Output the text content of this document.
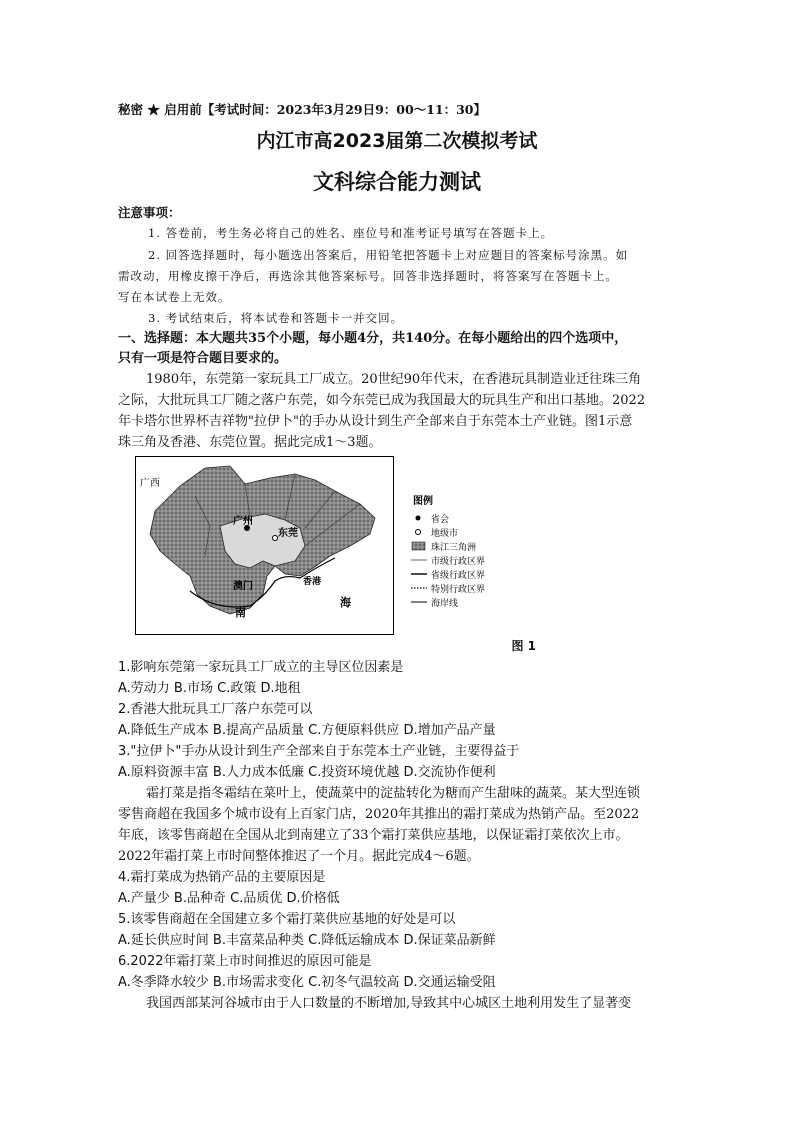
秘密 ★ 启用前【考试时间：2023年3月29日9：00～11：30】
内江市高2023届第二次模拟考试
文科综合能力测试
注意事项：
1. 答卷前，考生务必将自己的姓名、座位号和准考证号填写在答题卡上。
2. 回答选择题时，每小题选出答案后，用铅笔把答题卡上对应题目的答案标号涂黑。如
需改动，用橡皮擦干净后，再选涂其他答案标号。回答非选择题时，将答案写在答题卡上。
写在本试卷上无效。
3. 考试结束后，将本试卷和答题卡一并交回。
一、选择题：本大题共35个小题，每小题4分，共140分。在每小题给出的四个选项中，
只有一项是符合题目要求的。
1980年，东莞第一家玩具工厂成立。20世纪90年代末，在香港玩具制造业迁往珠三角
之际，大批玩具工厂随之落户东莞，如今东莞已成为我国最大的玩具生产和出口基地。2022
年卡塔尔世界杯吉祥物"拉伊卜"的手办从设计到生产全部来自于东莞本土产业链。图1示意
珠三角及香港、东莞位置。据此完成1～3题。
广西
广州
东莞
香港
澳门
南
海
图例
省会
地级市
珠江三角洲
市级行政区界
省级行政区界
特别行政区界
海岸线
图 1
1.影响东莞第一家玩具工厂成立的主导区位因素是
A.劳动力 B.市场 C.政策 D.地租
2.香港大批玩具工厂落户东莞可以
A.降低生产成本 B.提高产品质量 C.方便原料供应 D.增加产品产量
3."拉伊卜"手办从设计到生产全部来自于东莞本土产业链，主要得益于
A.原料资源丰富 B.人力成本低廉 C.投资环境优越 D.交流协作便利
霜打菜是指冬霜结在菜叶上，使蔬菜中的淀盐转化为糖而产生甜味的蔬菜。某大型连锁
零售商超在我国多个城市设有上百家门店，2020年其推出的霜打菜成为热销产品。至2022
年底，该零售商超在全国从北到南建立了33个霜打菜供应基地，以保证霜打菜依次上市。
2022年霜打菜上市时间整体推迟了一个月。据此完成4～6题。
4.霜打菜成为热销产品的主要原因是
A.产量少 B.品种奇 C.品质优 D.价格低
5.该零售商超在全国建立多个霜打菜供应基地的好处是可以
A.延长供应时间 B.丰富菜品种类 C.降低运输成本 D.保证菜品新鲜
6.2022年霜打菜上市时间推迟的原因可能是
A.冬季降水较少 B.市场需求变化 C.初冬气温较高 D.交通运输受阻
我国西部某河谷城市由于人口数量的不断增加,导致其中心城区土地利用发生了显著变
